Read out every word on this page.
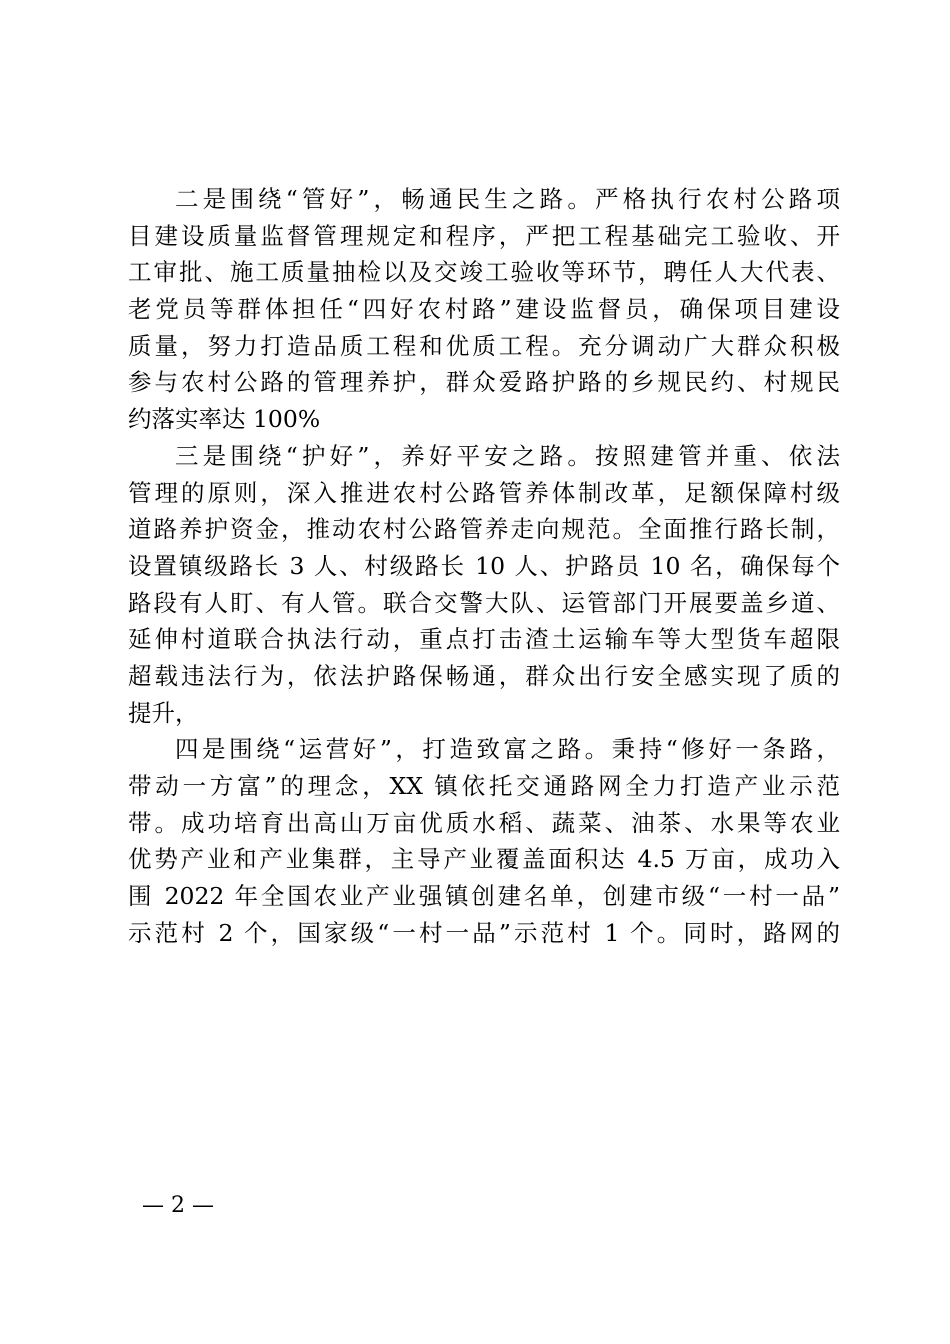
二是围绕“管好”，畅通民生之路。严格执行农村公路项
目建设质量监督管理规定和程序，严把工程基础完工验收、开
工审批、施工质量抽检以及交竣工验收等环节，聘任人大代表、
老党员等群体担任“四好农村路”建设监督员，确保项目建设
质量，努力打造品质工程和优质工程。充分调动广大群众积极
参与农村公路的管理养护，群众爱路护路的乡规民约、村规民
约落实率达 100%
三是围绕“护好”，养好平安之路。按照建管并重、依法
管理的原则，深入推进农村公路管养体制改革，足额保障村级
道路养护资金，推动农村公路管养走向规范。全面推行路长制，
设置镇级路长 3 人、村级路长 10 人、护路员 10 名，确保每个
路段有人盯、有人管。联合交警大队、运管部门开展要盖乡道、
延伸村道联合执法行动，重点打击渣土运输车等大型货车超限
超载违法行为，依法护路保畅通，群众出行安全感实现了质的
提升，
四是围绕“运营好”，打造致富之路。秉持“修好一条路，
带动一方富”的理念，XX 镇依托交通路网全力打造产业示范
带。成功培育出高山万亩优质水稻、蔬菜、油茶、水果等农业
优势产业和产业集群，主导产业覆盖面积达 4.5 万亩，成功入
围 2022 年全国农业产业强镇创建名单，创建市级“一村一品”
示范村 2 个，国家级“一村一品”示范村 1 个。同时，路网的
— 2 —
